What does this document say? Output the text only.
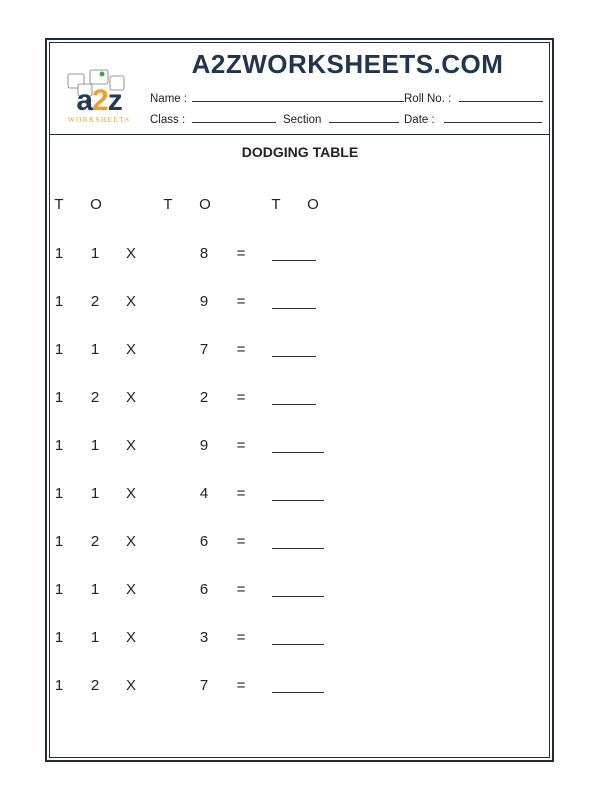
a2z
WORKSHEETS
A2ZWORKSHEETS.COM
Name :	Roll No. :
Class :	Section	Date :
DODGING TABLE
T	O	T	O	T	O
1	1	X	8	=
1	2	X	9	=
1	1	X	7	=
1	2	X	2	=
1	1	X	9	=
1	1	X	4	=
1	2	X	6	=
1	1	X	6	=
1	1	X	3	=
1	2	X	7	=
